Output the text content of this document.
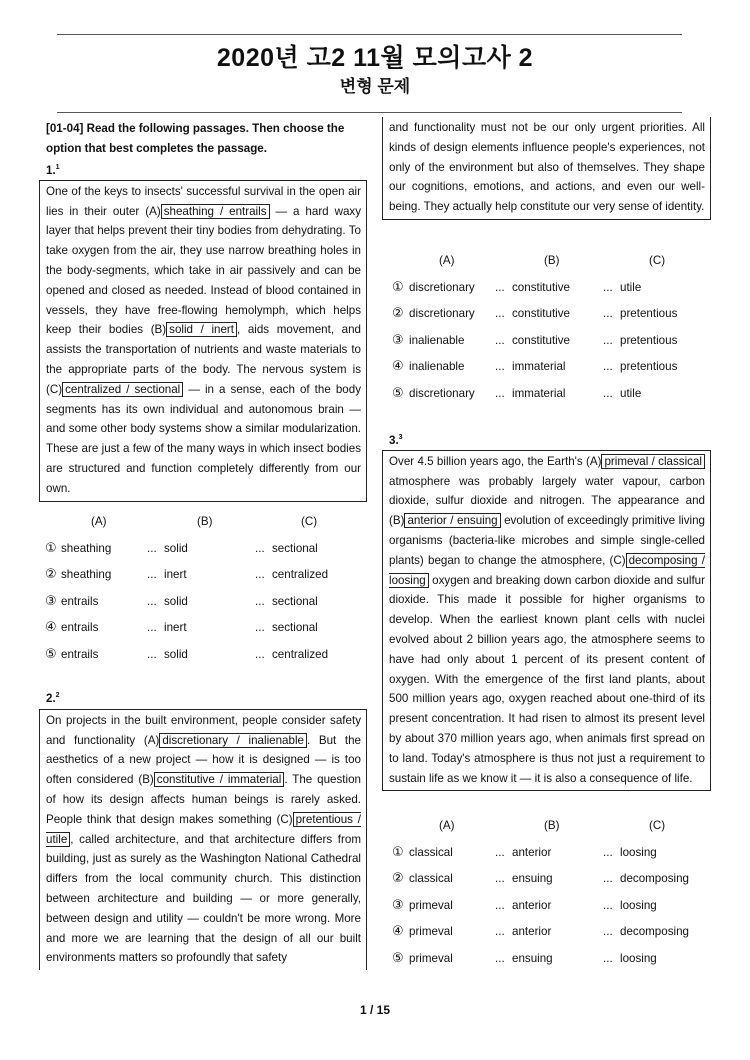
2020년 고2 11월 모의고사 2
변형 문제
[01-04] Read the following passages. Then choose the option that best completes the passage.
1.$^1$
One of the keys to insects' successful survival in the open air lies in their outer (A) sheathing / entrails — a hard waxy layer that helps prevent their tiny bodies from dehydrating. To take oxygen from the air, they use narrow breathing holes in the body-segments, which take in air passively and can be opened and closed as needed. Instead of blood contained in vessels, they have free-flowing hemolymph, which helps keep their bodies (B) solid / inert , aids movement, and assists the transportation of nutrients and waste materials to the appropriate parts of the body. The nervous system is (C) centralized / sectional — in a sense, each of the body segments has its own individual and autonomous brain — and some other body systems show a similar modularization. These are just a few of the many ways in which insect bodies are structured and function completely differently from our own.
(A)	(B)	(C)
① sheathing	... solid	... sectional
② sheathing	... inert	... centralized
③ entrails	... solid	... sectional
④ entrails	... inert	... sectional
⑤ entrails	... solid	... centralized
2.$^2$
On projects in the built environment, people consider safety and functionality (A) discretionary / inalienable . But the aesthetics of a new project — how it is designed — is too often considered (B) constitutive / immaterial . The question of how its design affects human beings is rarely asked. People think that design makes something (C) pretentious / utile , called architecture, and that architecture differs from building, just as surely as the Washington National Cathedral differs from the local community church. This distinction between architecture and building — or more generally, between design and utility — couldn't be more wrong. More and more we are learning that the design of all our built environments matters so profoundly that safety
and functionality must not be our only urgent priorities. All kinds of design elements influence people's experiences, not only of the environment but also of themselves. They shape our cognitions, emotions, and actions, and even our well-being. They actually help constitute our very sense of identity.
(A)	(B)	(C)
① discretionary ... constitutive	... utile
② discretionary ... constitutive	... pretentious
③ inalienable	... constitutive	... pretentious
④ inalienable	... immaterial	... pretentious
⑤ discretionary ... immaterial	... utile
3.$^3$
Over 4.5 billion years ago, the Earth's (A) primeval / classical atmosphere was probably largely water vapour, carbon dioxide, sulfur dioxide and nitrogen. The appearance and (B) anterior / ensuing evolution of exceedingly primitive living organisms (bacteria-like microbes and simple single-celled plants) began to change the atmosphere, (C) decomposing / loosing oxygen and breaking down carbon dioxide and sulfur dioxide. This made it possible for higher organisms to develop. When the earliest known plant cells with nuclei evolved about 2 billion years ago, the atmosphere seems to have had only about 1 percent of its present content of oxygen. With the emergence of the first land plants, about 500 million years ago, oxygen reached about one-third of its present concentration. It had risen to almost its present level by about 370 million years ago, when animals first spread on to land. Today's atmosphere is thus not just a requirement to sustain life as we know it — it is also a consequence of life.
(A)	(B)	(C)
① classical	... anterior	... loosing
② classical	... ensuing	... decomposing
③ primeval	... anterior	... loosing
④ primeval	... anterior	... decomposing
⑤ primeval	... ensuing	... loosing
1 / 15
